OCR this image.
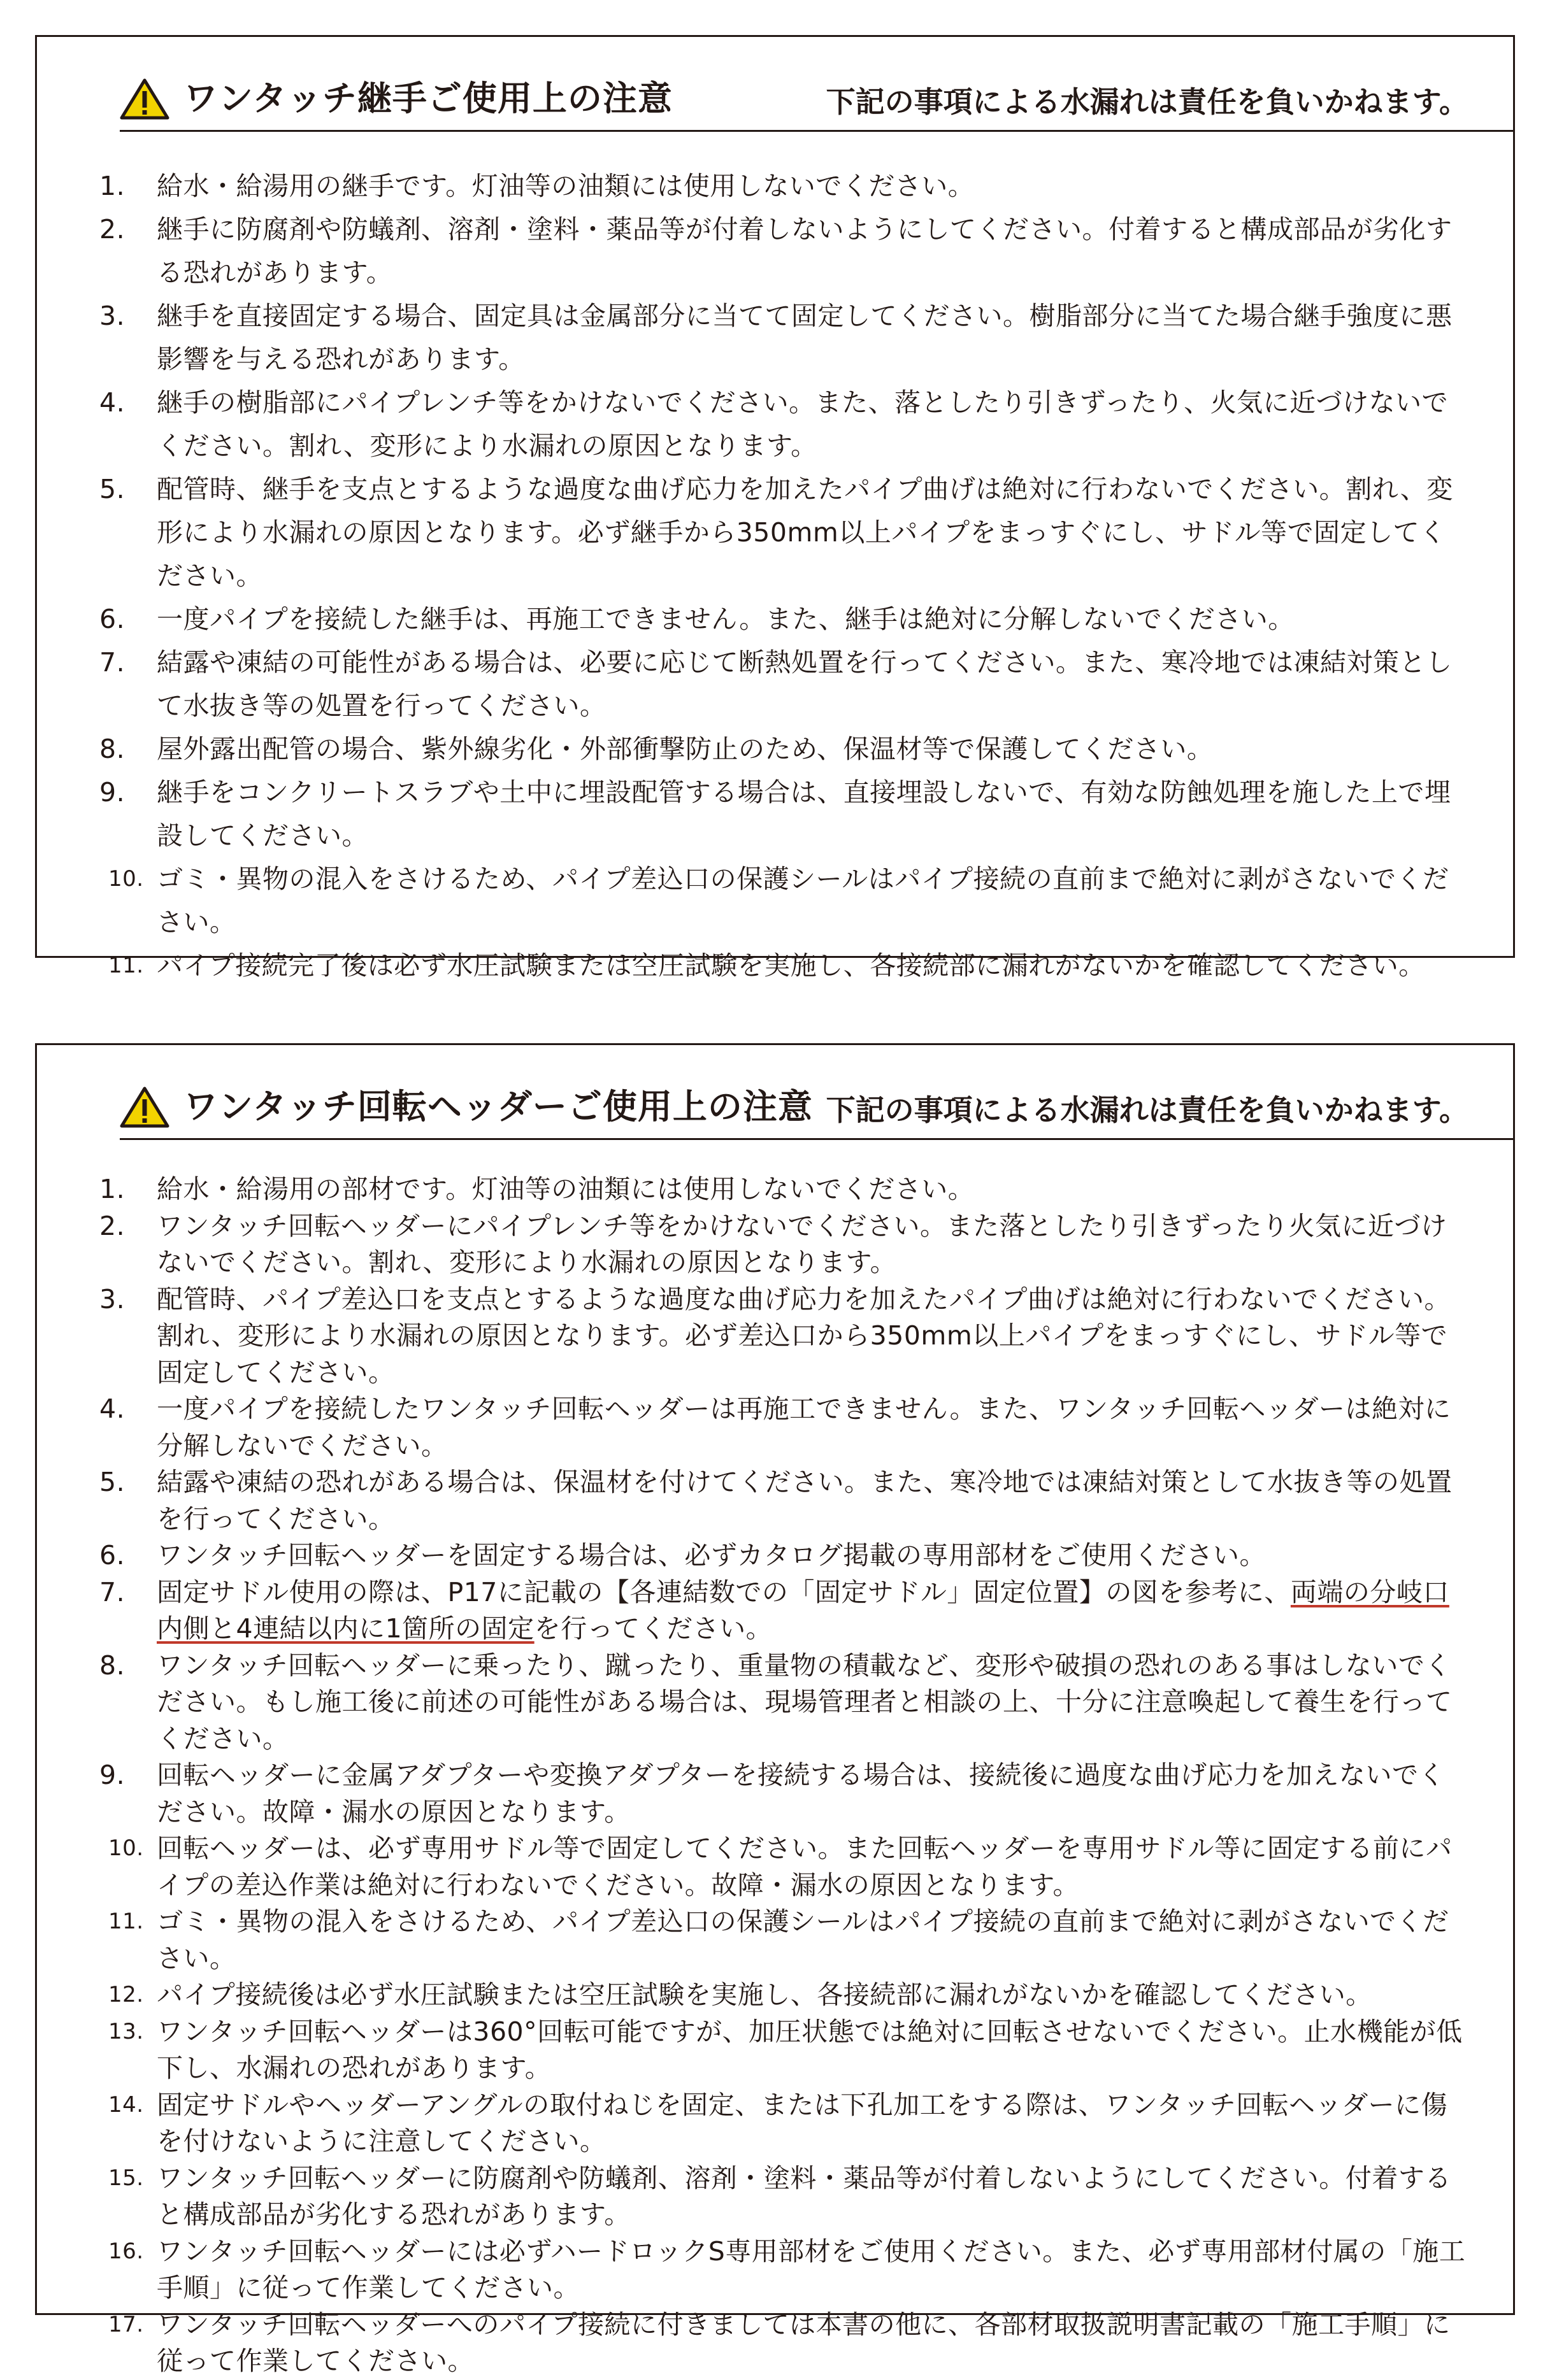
ワンタッチ継手ご使用上の注意	下記の事項による水漏れは責任を負いかねます。
1. 給水・給湯用の継手です。灯油等の油類には使用しないでください。
2. 継手に防腐剤や防蟻剤、溶剤・塗料・薬品等が付着しないようにしてください。付着すると構成部品が劣化する恐れがあります。
3. 継手を直接固定する場合、固定具は金属部分に当てて固定してください。樹脂部分に当てた場合継手強度に悪影響を与える恐れがあります。
4. 継手の樹脂部にパイプレンチ等をかけないでください。また、落としたり引きずったり、火気に近づけないでください。割れ、変形により水漏れの原因となります。
5. 配管時、継手を支点とするような過度な曲げ応力を加えたパイプ曲げは絶対に行わないでください。割れ、変形により水漏れの原因となります。必ず継手から350mm以上パイプをまっすぐにし、サドル等で固定してください。
6. 一度パイプを接続した継手は、再施工できません。また、継手は絶対に分解しないでください。
7. 結露や凍結の可能性がある場合は、必要に応じて断熱処置を行ってください。また、寒冷地では凍結対策として水抜き等の処置を行ってください。
8. 屋外露出配管の場合、紫外線劣化・外部衝撃防止のため、保温材等で保護してください。
9. 継手をコンクリートスラブや土中に埋設配管する場合は、直接埋設しないで、有効な防蝕処理を施した上で埋設してください。
10. ゴミ・異物の混入をさけるため、パイプ差込口の保護シールはパイプ接続の直前まで絶対に剥がさないでください。
11. パイプ接続完了後は必ず水圧試験または空圧試験を実施し、各接続部に漏れがないかを確認してください。
ワンタッチ回転ヘッダーご使用上の注意 下記の事項による水漏れは責任を負いかねます。
1. 給水・給湯用の部材です。灯油等の油類には使用しないでください。
2. ワンタッチ回転ヘッダーにパイプレンチ等をかけないでください。また落としたり引きずったり火気に近づけないでください。割れ、変形により水漏れの原因となります。
3. 配管時、パイプ差込口を支点とするような過度な曲げ応力を加えたパイプ曲げは絶対に行わないでください。割れ、変形により水漏れの原因となります。必ず差込口から350mm以上パイプをまっすぐにし、サドル等で固定してください。
4. 一度パイプを接続したワンタッチ回転ヘッダーは再施工できません。また、ワンタッチ回転ヘッダーは絶対に分解しないでください。
5. 結露や凍結の恐れがある場合は、保温材を付けてください。また、寒冷地では凍結対策として水抜き等の処置を行ってください。
6. ワンタッチ回転ヘッダーを固定する場合は、必ずカタログ掲載の専用部材をご使用ください。
7. 固定サドル使用の際は、P17に記載の【各連結数での「固定サドル」固定位置】の図を参考に、両端の分岐口内側と4連結以内に1箇所の固定を行ってください。
8. ワンタッチ回転ヘッダーに乗ったり、蹴ったり、重量物の積載など、変形や破損の恐れのある事はしないでください。もし施工後に前述の可能性がある場合は、現場管理者と相談の上、十分に注意喚起して養生を行ってください。
9. 回転ヘッダーに金属アダプターや変換アダプターを接続する場合は、接続後に過度な曲げ応力を加えないでください。故障・漏水の原因となります。
10. 回転ヘッダーは、必ず専用サドル等で固定してください。また回転ヘッダーを専用サドル等に固定する前にパイプの差込作業は絶対に行わないでください。故障・漏水の原因となります。
11. ゴミ・異物の混入をさけるため、パイプ差込口の保護シールはパイプ接続の直前まで絶対に剥がさないでください。
12. パイプ接続後は必ず水圧試験または空圧試験を実施し、各接続部に漏れがないかを確認してください。
13. ワンタッチ回転ヘッダーは360°回転可能ですが、加圧状態では絶対に回転させないでください。止水機能が低下し、水漏れの恐れがあります。
14. 固定サドルやヘッダーアングルの取付ねじを固定、または下孔加工をする際は、ワンタッチ回転ヘッダーに傷を付けないように注意してください。
15. ワンタッチ回転ヘッダーに防腐剤や防蟻剤、溶剤・塗料・薬品等が付着しないようにしてください。付着すると構成部品が劣化する恐れがあります。
16. ワンタッチ回転ヘッダーには必ずハードロックS専用部材をご使用ください。また、必ず専用部材付属の「施工手順」に従って作業してください。
17. ワンタッチ回転ヘッダーへのパイプ接続に付きましては本書の他に、各部材取扱説明書記載の「施工手順」に従って作業してください。
